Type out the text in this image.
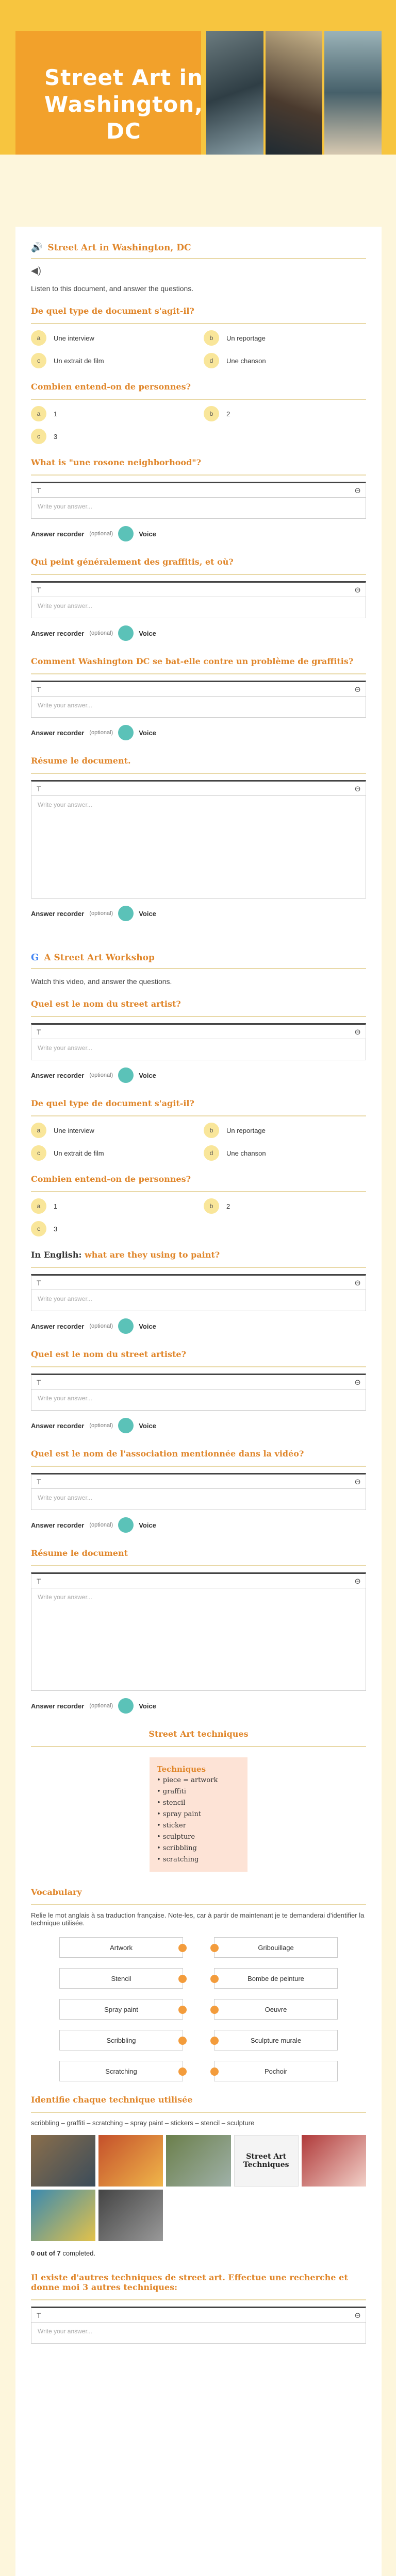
Street Art in Washington, DC
🔊 Street Art in Washington, DC
◀)
Listen to this document, and answer the questions.
De quel type de document s'agit-il?
a	Une interview	b	Un reportage
c	Un extrait de film	d	Une chanson
Combien entend-on de personnes?
a	1	b	2
c	3
What is "une rosone neighborhood"?
T	Θ
Write your answer...
Answer recorder (optional)	Voice
Qui peint généralement des graffitis, et où?
T	Θ
Write your answer...
Answer recorder (optional)	Voice
Comment Washington DC se bat-elle contre un problème de graffitis?
T	Θ
Write your answer...
Answer recorder (optional)	Voice
Résume le document.
T	Θ
Write your answer...
Answer recorder (optional)	Voice
G A Street Art Workshop
Watch this video, and answer the questions.
Quel est le nom du street artist?
T	Θ
Write your answer...
Answer recorder (optional)	Voice
De quel type de document s'agit-il?
a	Une interview	b	Un reportage
c	Un extrait de film	d	Une chanson
Combien entend-on de personnes?
a	1	b	2
c	3
In English: what are they using to paint?
T	Θ
Write your answer...
Answer recorder (optional)	Voice
Quel est le nom du street artiste?
T	Θ
Write your answer...
Answer recorder (optional)	Voice
Quel est le nom de l'association mentionnée dans la vidéo?
T	Θ
Write your answer...
Answer recorder (optional)	Voice
Résume le document
T	Θ
Write your answer...
Answer recorder (optional)	Voice
Street Art techniques
Techniques
• piece = artwork
• graffiti
• stencil
• spray paint
• sticker
• sculpture
• scribbling
• scratching
Vocabulary
Relie le mot anglais à sa traduction française. Note-les, car à partir de maintenant je te demanderai d'identifier la technique utilisée.
Artwork	Gribouillage
Stencil	Bombe de peinture
Spray paint	Oeuvre
Scribbling	Sculpture murale
Scratching	Pochoir
Identifie chaque technique utilisée
scribbling – graffiti – scratching – spray paint – stickers – stencil – sculpture
Street Art Techniques
0 out of 7 completed.
Il existe d'autres techniques de street art. Effectue une recherche et donne moi 3 autres techniques:
T	Θ
Write your answer...
